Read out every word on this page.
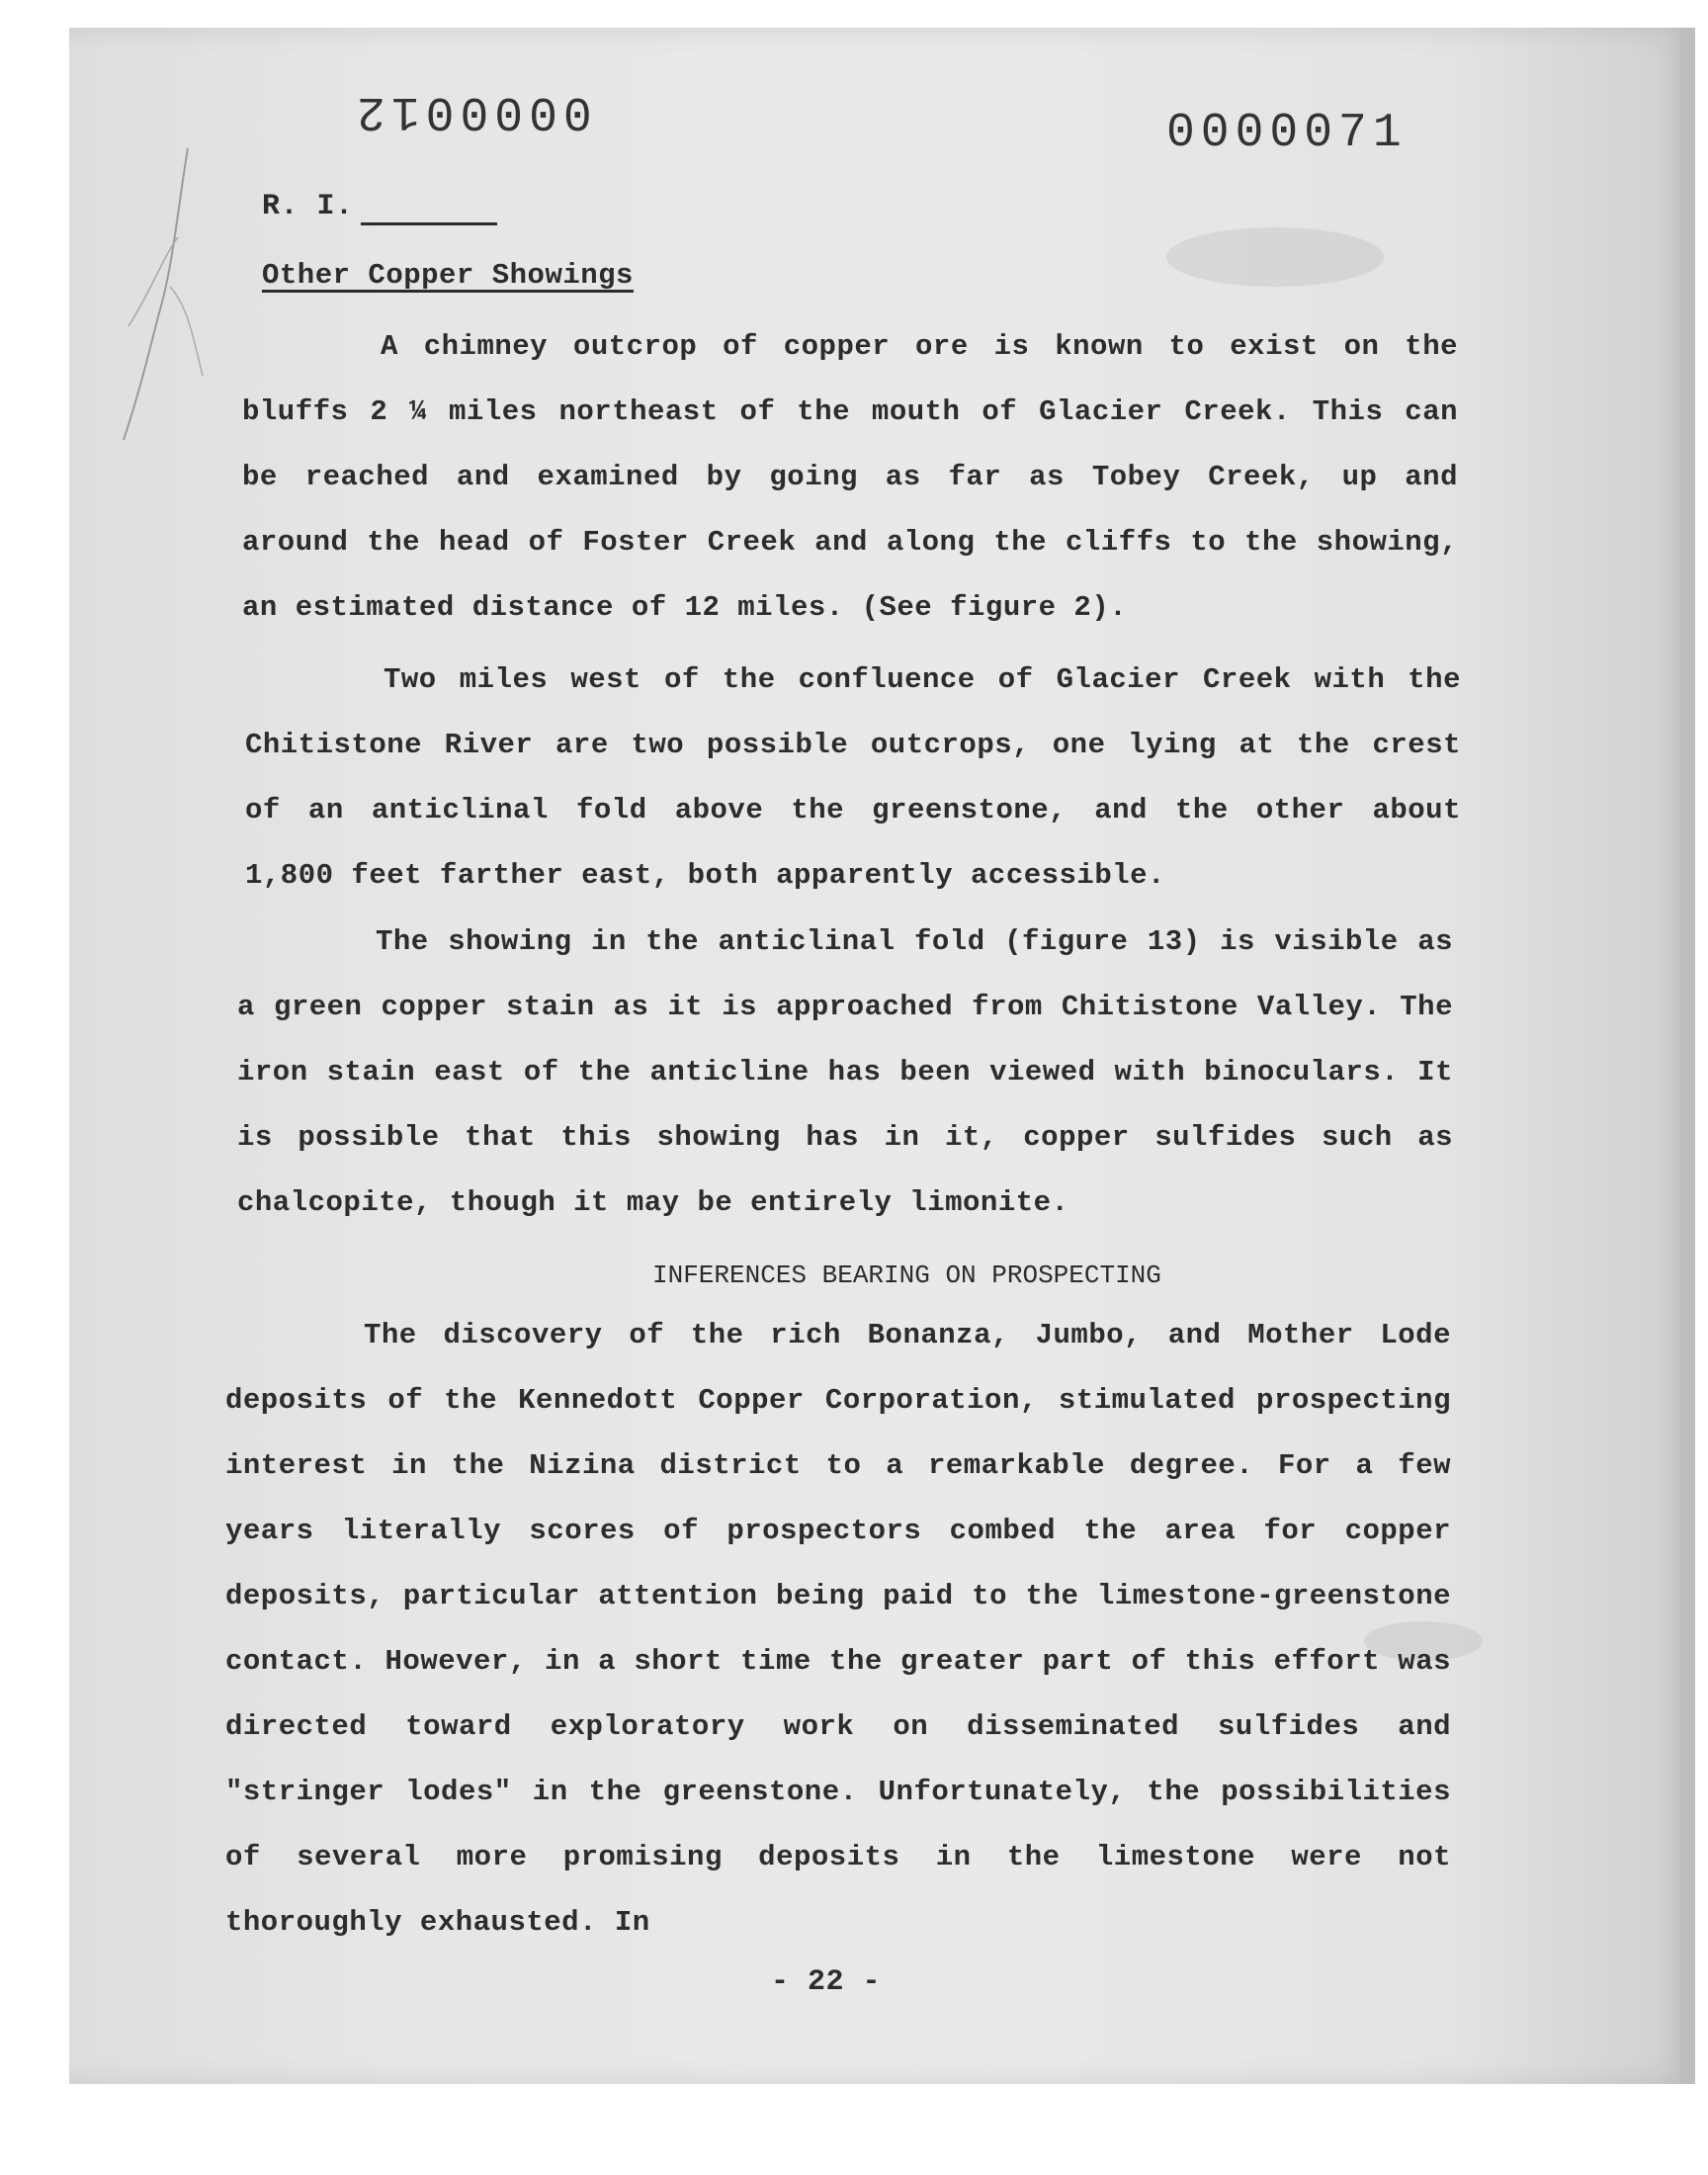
0000012	0000071
R. I.
Other Copper Showings

A chimney outcrop of copper ore is known to exist on the bluffs 2 ¼ miles northeast of the mouth of Glacier Creek. This can be reached and examined by going as far as Tobey Creek, up and around the head of Foster Creek and along the cliffs to the showing, an estimated distance of 12 miles. (See figure 2).

Two miles west of the confluence of Glacier Creek with the Chitistone River are two possible outcrops, one lying at the crest of an anticlinal fold above the greenstone, and the other about 1,800 feet farther east, both apparently accessible.

The showing in the anticlinal fold (figure 13) is visible as a green copper stain as it is approached from Chitistone Valley. The iron stain east of the anticline has been viewed with binoculars. It is possible that this showing has in it, copper sulfides such as chalcopite, though it may be entirely limonite.

INFERENCES BEARING ON PROSPECTING

The discovery of the rich Bonanza, Jumbo, and Mother Lode deposits of the Kennedott Copper Corporation, stimulated prospecting interest in the Nizina district to a remarkable degree. For a few years literally scores of prospectors combed the area for copper deposits, particular attention being paid to the limestone-greenstone contact. However, in a short time the greater part of this effort was directed toward exploratory work on disseminated sulfides and "stringer lodes" in the greenstone. Unfortunately, the possibilities of several more promising deposits in the limestone were not thoroughly exhausted. In

- 22 -
